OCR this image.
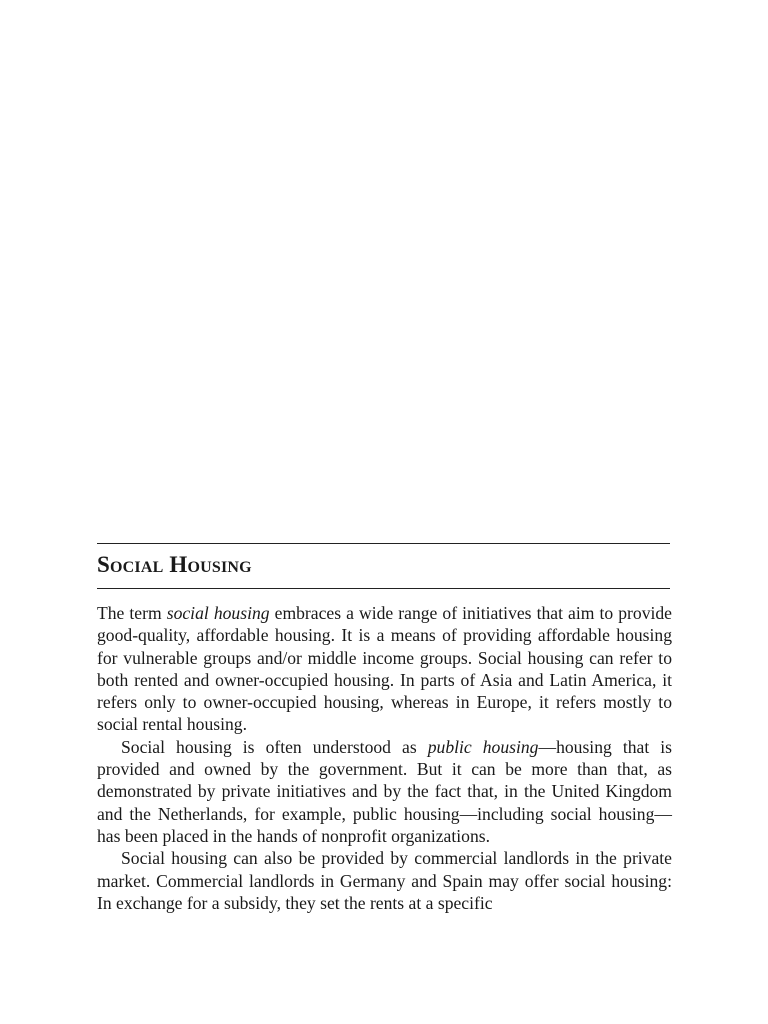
Social Housing

The term social housing embraces a wide range of initiatives that aim to provide good-quality, affordable housing. It is a means of providing affordable housing for vulnerable groups and/or middle income groups. Social housing can refer to both rented and owner-occupied housing. In parts of Asia and Latin America, it refers only to owner-occupied housing, whereas in Europe, it refers mostly to social rental housing.

Social housing is often understood as public housing—housing that is provided and owned by the government. But it can be more than that, as demonstrated by private initiatives and by the fact that, in the United Kingdom and the Netherlands, for example, public housing—including social housing—has been placed in the hands of nonprofit organizations.

Social housing can also be provided by commercial landlords in the private market. Commercial landlords in Germany and Spain may offer social housing: In exchange for a subsidy, they set the rents at a specific
